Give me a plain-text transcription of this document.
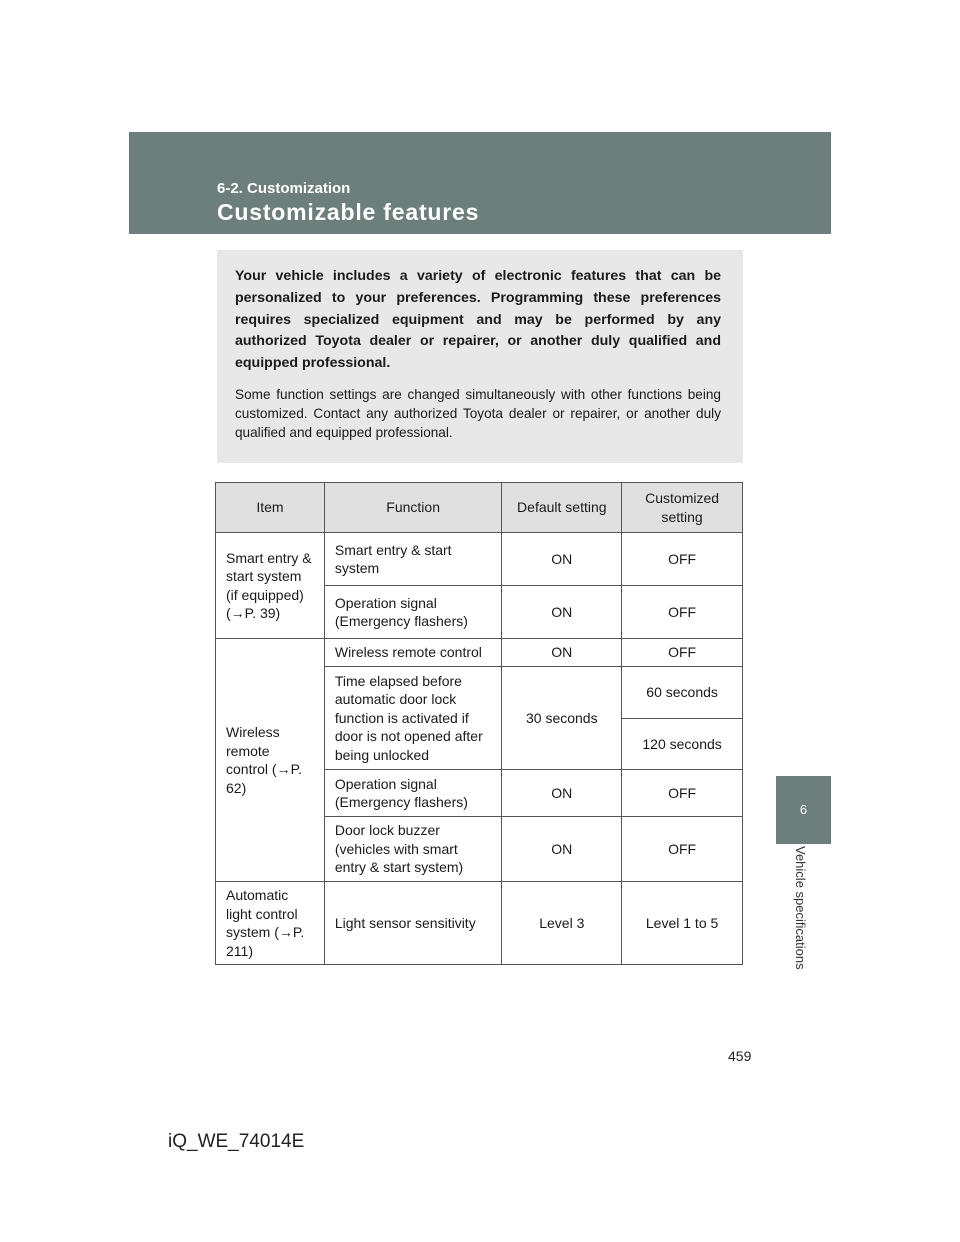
6-2. Customization
Customizable features
6
Vehicle specifications

Your vehicle includes a variety of electronic features that can be personalized to your preferences. Programming these preferences requires specialized equipment and may be performed by any authorized Toyota dealer or repairer, or another duly qualified and equipped professional.

Some function settings are changed simultaneously with other functions being customized. Contact any authorized Toyota dealer or repairer, or another duly qualified and equipped professional.

Item	Function	Default setting	Customized setting
Smart entry & start system (if equipped) (→P. 39)	Smart entry & start system	ON	OFF
	Operation signal (Emergency flashers)	ON	OFF
Wireless remote control (→P. 62)	Wireless remote control	ON	OFF
	Time elapsed before automatic door lock function is activated if door is not opened after being unlocked	30 seconds	60 seconds
			120 seconds
	Operation signal (Emergency flashers)	ON	OFF
	Door lock buzzer (vehicles with smart entry & start system)	ON	OFF

Automatic light control system (→P. 211)	Light sensor sensitivity	Level 3	Level 1 to 5
459
iQ_WE_74014E
